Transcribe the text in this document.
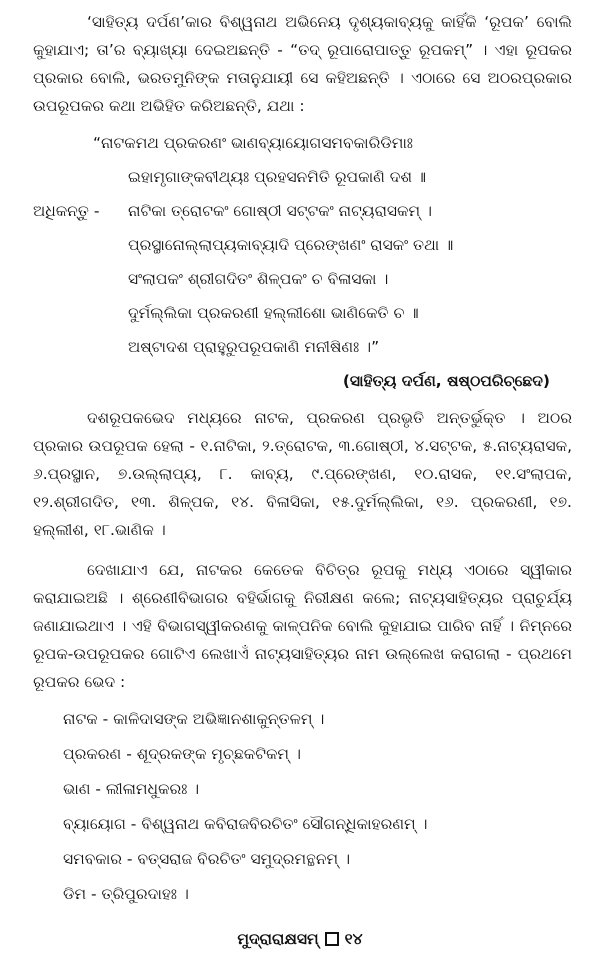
‘ସାହିତ୍ୟ ଦର୍ପଣ’କାର ବିଶ୍ୱନାଥ ଅଭିନେୟ ଦୃଶ୍ୟକାବ୍ୟକୁ କାହିଁକି ‘ରୂପକ’ ବୋଲି କୁହାଯାଏ; ତା’ର ବ୍ୟାଖ୍ୟା ଦେଇଅଛନ୍ତି - “ତଦ୍ ରୂପାରୋପାତ୍ତୁ ରୂପକମ୍” । ଏହା ରୂପକର ପ୍ରକାର ବୋଲି, ଭରତମୁନିଙ୍କ ମତାନୁଯାୟୀ ସେ କହିଅଛନ୍ତି । ଏଠାରେ ସେ ଅଠରପ୍ରକାର ଉପରୂପକର କଥା ଅଭିହିତ କରିଅଛନ୍ତି, ଯଥା :

“ନାଟକମଥ ପ୍ରକରଣଂ ଭାଣବ୍ୟାୟୋଗସମବକାରିଡିମାଃ
ଇହାମୃଗାଙ୍କବୀଥ୍ୟଃ ପ୍ରହସନମିତି ରୂପକାଣି ଦଶ ॥
ଅଧିକନ୍ତୁ -	ନାଟିକା ତ୍ରୋଟକଂ ଗୋଷ୍ଠୀ ସଟ୍ଟକଂ ନାଟ୍ୟରାସକମ୍ ।
ପ୍ରସ୍ଥାନୋଲ୍ଲାପ୍ୟକାବ୍ୟାଦି ପ୍ରେଙ୍ଖଣଂ ରାସକଂ ତଥା ॥
ସଂଲାପକଂ ଶ୍ରୀଗଦିତଂ ଶିଳ୍ପକଂ ଚ ବିଳାସକା ।
ଦୁର୍ମଲ୍ଲିକା ପ୍ରକରଣୀ ହଲ୍ଲୀଶୋ ଭାଣିକେତି ଚ ॥
ଅଷ୍ଟାଦଶ ପ୍ରାହୁରୁପରୂପକାଣି ମନୀଷିଣଃ ।”
(ସାହିତ୍ୟ ଦର୍ପଣ, ଷଷ୍ଠପରିଚ୍ଛେଦ)

ଦଶରୂପକଭେଦ ମଧ୍ୟରେ ନାଟକ, ପ୍ରକରଣ ପ୍ରଭୃତି ଅନ୍ତର୍ଭୁକ୍ତ । ଅଠର ପ୍ରକାର ଉପରୂପକ ହେଲା - ୧.ନାଟିକା, ୨.ତ୍ରୋଟକ, ୩.ଗୋଷ୍ଠୀ, ୪.ସଟ୍ଟକ, ୫.ନାଟ୍ୟରାସକ, ୬.ପ୍ରସ୍ଥାନ, ୭.ଉଲ୍ଲାପ୍ୟ, ୮. କାବ୍ୟ, ୯.ପ୍ରେଙ୍ଖଣ, ୧୦.ରାସକ, ୧୧.ସଂଲାପକ, ୧୨.ଶ୍ରୀଗଦିତ, ୧୩. ଶିଳ୍ପକ, ୧୪. ବିଳାସିକା, ୧୫.ଦୁର୍ମଲ୍ଲିକା, ୧୬. ପ୍ରକରଣୀ, ୧୭. ହଲ୍ଲୀଶ, ୧୮.ଭାଣିକ ।

ଦେଖାଯାଏ ଯେ, ନାଟକର କେତେକ ବିଚିତ୍ର ରୂପକୁ ମଧ୍ୟ ଏଠାରେ ସ୍ୱୀକାର କରାଯାଇଅଛି । ଶ୍ରେଣୀବିଭାଗର ବହିର୍ଭାଗକୁ ନିରୀକ୍ଷଣ କଲେ; ନାଟ୍ୟସାହିତ୍ୟର ପ୍ରାଚୁର୍ଯ୍ୟ ଜଣାଯାଇଥାଏ । ଏହି ବିଭାଗସ୍ୱୀକରଣକୁ କାଳ୍ପନିକ ବୋଲି କୁହାଯାଇ ପାରିବ ନାହିଁ । ନିମ୍ନରେ ରୂପକ-ଉପରୂପକର ଗୋଟିଏ ଲେଖାଏଁ ନାଟ୍ୟସାହିତ୍ୟର ନାମ ଉଲ୍ଲେଖ କରାଗଲା - ପ୍ରଥମେ ରୂପକର ଭେଦ :

ନାଟକ - କାଳିଦାସଙ୍କ ଅଭିଜ୍ଞାନଶାକୁନ୍ତଳମ୍ ।
ପ୍ରକରଣ - ଶୂଦ୍ରକଙ୍କ ମୃଚ୍ଛକଟିକମ୍ ।
ଭାଣ - ଲୀଳାମଧୁକରଃ ।
ବ୍ୟାୟୋଗ - ବିଶ୍ୱନାଥ କବିରାଜବିରଚିତଂ ସୌଗନ୍ଧିକାହରଣମ୍ ।
ସମବକାର - ବତ୍ସରାଜ ବିରଚିତଂ ସମୁଦ୍ରମନ୍ଥନମ୍ ।
ଡିମ - ତ୍ରିପୁରଦାହଃ ।
ମୁଦ୍ରାରାକ୍ଷସମ୍ ୧୪
